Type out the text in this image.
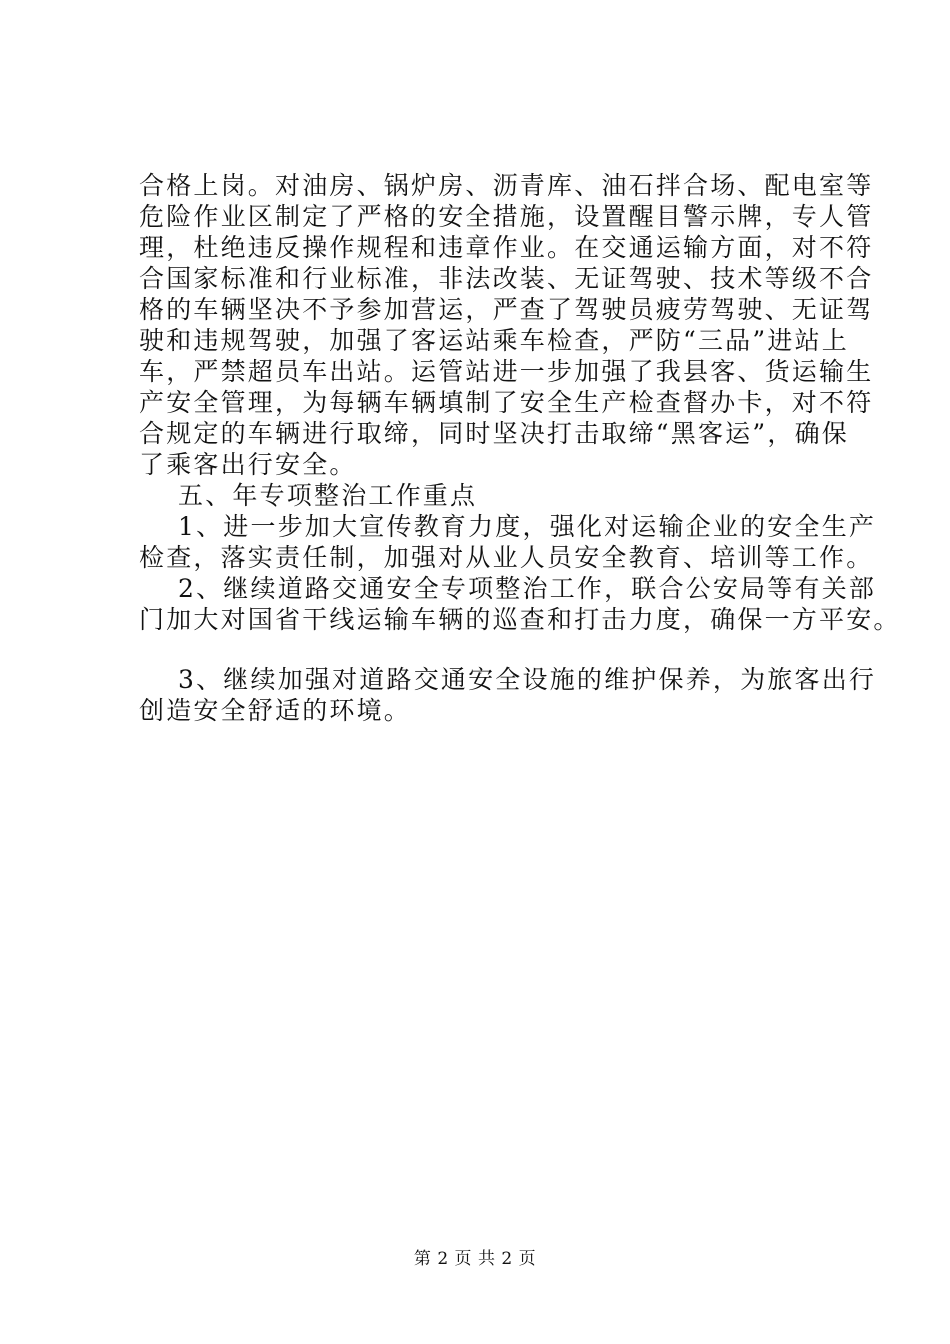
合格上岗。对油房、锅炉房、沥青库、油石拌合场、配电室等
危险作业区制定了严格的安全措施，设置醒目警示牌，专人管
理，杜绝违反操作规程和违章作业。在交通运输方面，对不符
合国家标准和行业标准，非法改装、无证驾驶、技术等级不合
格的车辆坚决不予参加营运，严查了驾驶员疲劳驾驶、无证驾
驶和违规驾驶，加强了客运站乘车检查，严防“三品”进站上
车，严禁超员车出站。运管站进一步加强了我县客、货运输生
产安全管理，为每辆车辆填制了安全生产检查督办卡，对不符
合规定的车辆进行取缔，同时坚决打击取缔“黑客运”，确保
了乘客出行安全。
五、年专项整治工作重点
1、进一步加大宣传教育力度，强化对运输企业的安全生产
检查，落实责任制，加强对从业人员安全教育、培训等工作。
2、继续道路交通安全专项整治工作，联合公安局等有关部
门加大对国省干线运输车辆的巡查和打击力度，确保一方平安。
3、继续加强对道路交通安全设施的维护保养，为旅客出行
创造安全舒适的环境。
第 2 页 共 2 页
